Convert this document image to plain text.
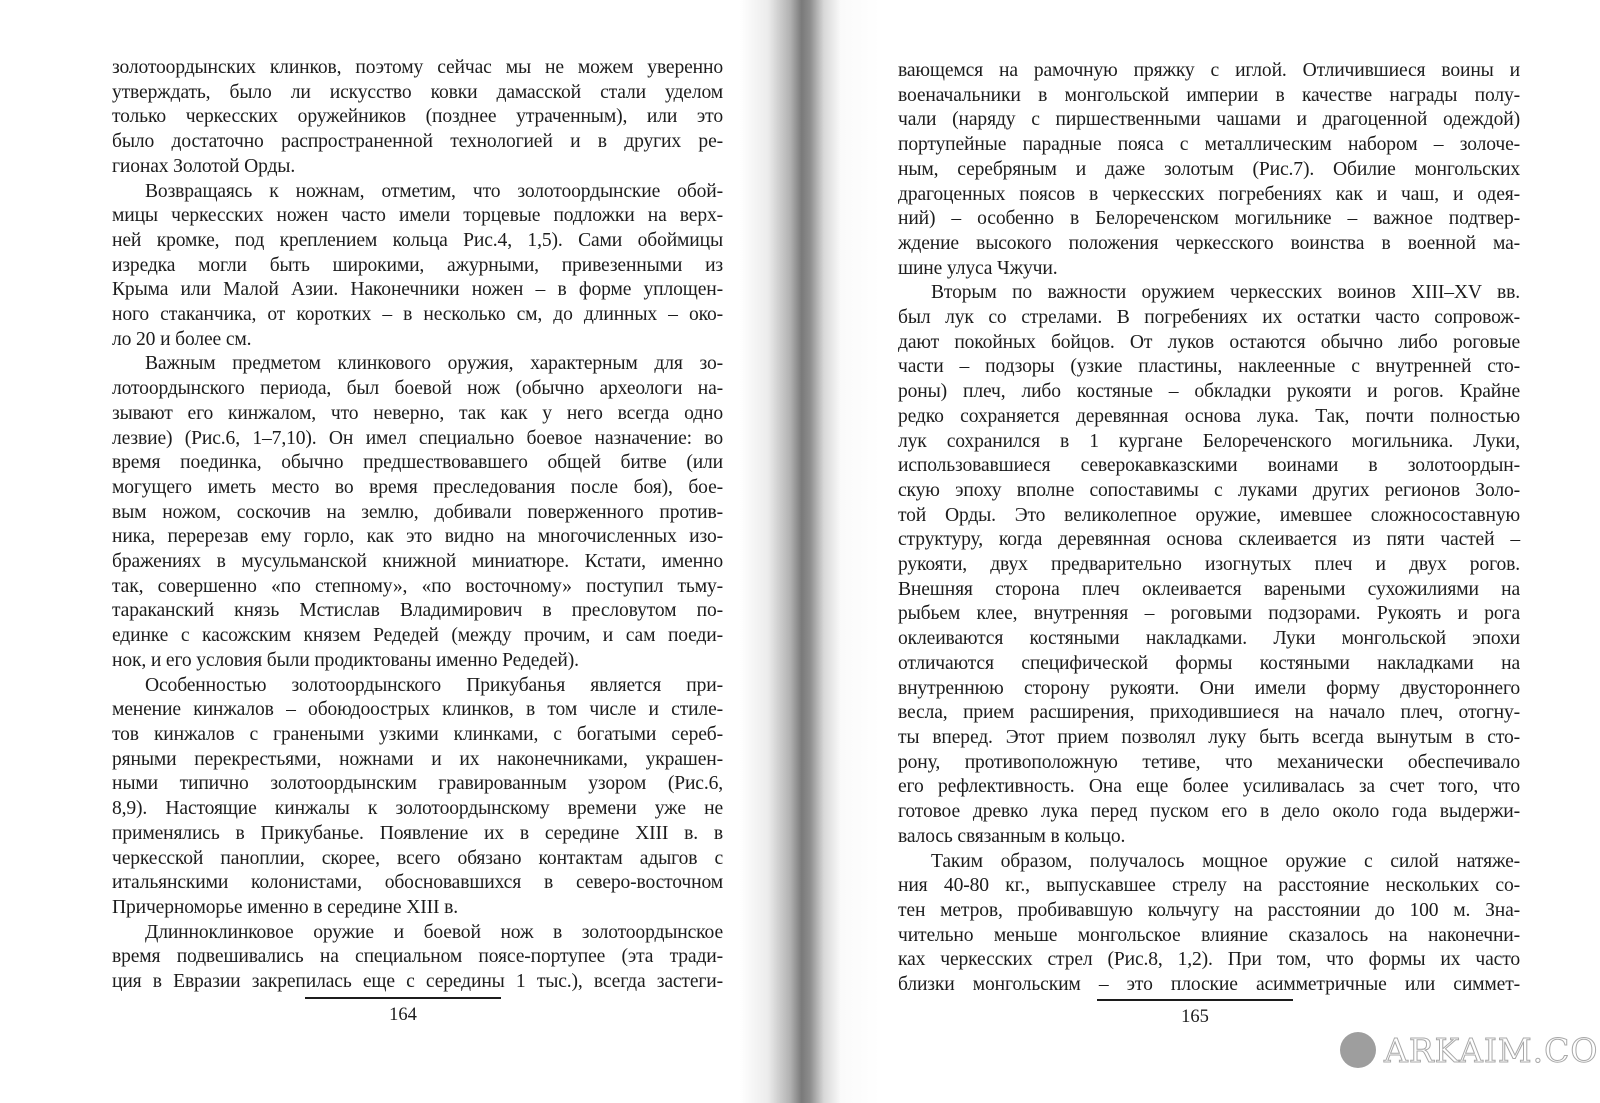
золотоордынских клинков, поэтому сейчас мы не можем уверенно
утверждать, было ли искусство ковки дамасской стали уделом
только черкесских оружейников (позднее утраченным), или это
было достаточно распространенной технологией и в других ре-
гионах Золотой Орды.
Возвращаясь к ножнам, отметим, что золотоордынские обой-
мицы черкесских ножен часто имели торцевые подложки на верх-
ней кромке, под креплением кольца Рис.4, 1,5). Сами обоймицы
изредка могли быть широкими, ажурными, привезенными из
Крыма или Малой Азии. Наконечники ножен – в форме уплощен-
ного стаканчика, от коротких – в несколько см, до длинных – око-
ло 20 и более см.
Важным предметом клинкового оружия, характерным для зо-
лотоордынского периода, был боевой нож (обычно археологи на-
зывают его кинжалом, что неверно, так как у него всегда одно
лезвие) (Рис.6, 1–7,10). Он имел специально боевое назначение: во
время поединка, обычно предшествовавшего общей битве (или
могущего иметь место во время преследования после боя), бое-
вым ножом, соскочив на землю, добивали поверженного против-
ника, перерезав ему горло, как это видно на многочисленных изо-
бражениях в мусульманской книжной миниатюре. Кстати, именно
так, совершенно «по степному», «по восточному» поступил тьму-
тараканский князь Мстислав Владимирович в пресловутом по-
единке с касожским князем Редедей (между прочим, и сам поеди-
нок, и его условия были продиктованы именно Редедей).
Особенностью золотоордынского Прикубанья является при-
менение кинжалов – обоюдоострых клинков, в том числе и стиле-
тов кинжалов с гранеными узкими клинками, с богатыми сереб-
ряными перекрестьями, ножнами и их наконечниками, украшен-
ными типично золотоордынским гравированным узором (Рис.6,
8,9). Настоящие кинжалы к золотоордынскому времени уже не
применялись в Прикубанье. Появление их в середине XIII в. в
черкесской паноплии, скорее, всего обязано контактам адыгов с
итальянскими колонистами, обосновавшихся в северо-восточном
Причерноморье именно в середине XIII в.
Длинноклинковое оружие и боевой нож в золотоордынское
время подвешивались на специальном поясе-портупее (эта тради-
ция в Евразии закрепилась еще с середины 1 тыс.), всегда застеги-
164
вающемся на рамочную пряжку с иглой. Отличившиеся воины и
военачальники в монгольской империи в качестве награды полу-
чали (наряду с пиршественными чашами и драгоценной одеждой)
портупейные парадные пояса с металлическим набором – золоче-
ным, серебряным и даже золотым (Рис.7). Обилие монгольских
драгоценных поясов в черкесских погребениях как и чаш, и одея-
ний) – особенно в Белореченском могильнике – важное подтвер-
ждение высокого положения черкесского воинства в военной ма-
шине улуса Чжучи.
Вторым по важности оружием черкесских воинов XIII–XV вв.
был лук со стрелами. В погребениях их остатки часто сопровож-
дают покойных бойцов. От луков остаются обычно либо роговые
части – подзоры (узкие пластины, наклеенные с внутренней сто-
роны) плеч, либо костяные – обкладки рукояти и рогов. Крайне
редко сохраняется деревянная основа лука. Так, почти полностью
лук сохранился в 1 кургане Белореченского могильника. Луки,
использовавшиеся северокавказскими воинами в золотоордын-
скую эпоху вполне сопоставимы с луками других регионов Золо-
той Орды. Это великолепное оружие, имевшее сложносоставную
структуру, когда деревянная основа склеивается из пяти частей –
рукояти, двух предварительно изогнутых плеч и двух рогов.
Внешняя сторона плеч оклеивается вареными сухожилиями на
рыбьем клее, внутренняя – роговыми подзорами. Рукоять и рога
оклеиваются костяными накладками. Луки монгольской эпохи
отличаются специфической формы костяными накладками на
внутреннюю сторону рукояти. Они имели форму двустороннего
весла, прием расширения, приходившиеся на начало плеч, отогну-
ты вперед. Этот прием позволял луку быть всегда вынутым в сто-
рону, противоположную тетиве, что механически обеспечивало
его рефлективность. Она еще более усиливалась за счет того, что
готовое древко лука перед пуском его в дело около года выдержи-
валось связанным в кольцо.
Таким образом, получалось мощное оружие с силой натяже-
ния 40-80 кг., выпускавшее стрелу на расстояние нескольких со-
тен метров, пробивавшую кольчугу на расстоянии до 100 м. Зна-
чительно меньше монгольское влияние сказалось на наконечни-
ках черкесских стрел (Рис.8, 1,2). При том, что формы их часто
близки монгольским – это плоские асимметричные или симмет-
165
ARKAIM.CO
